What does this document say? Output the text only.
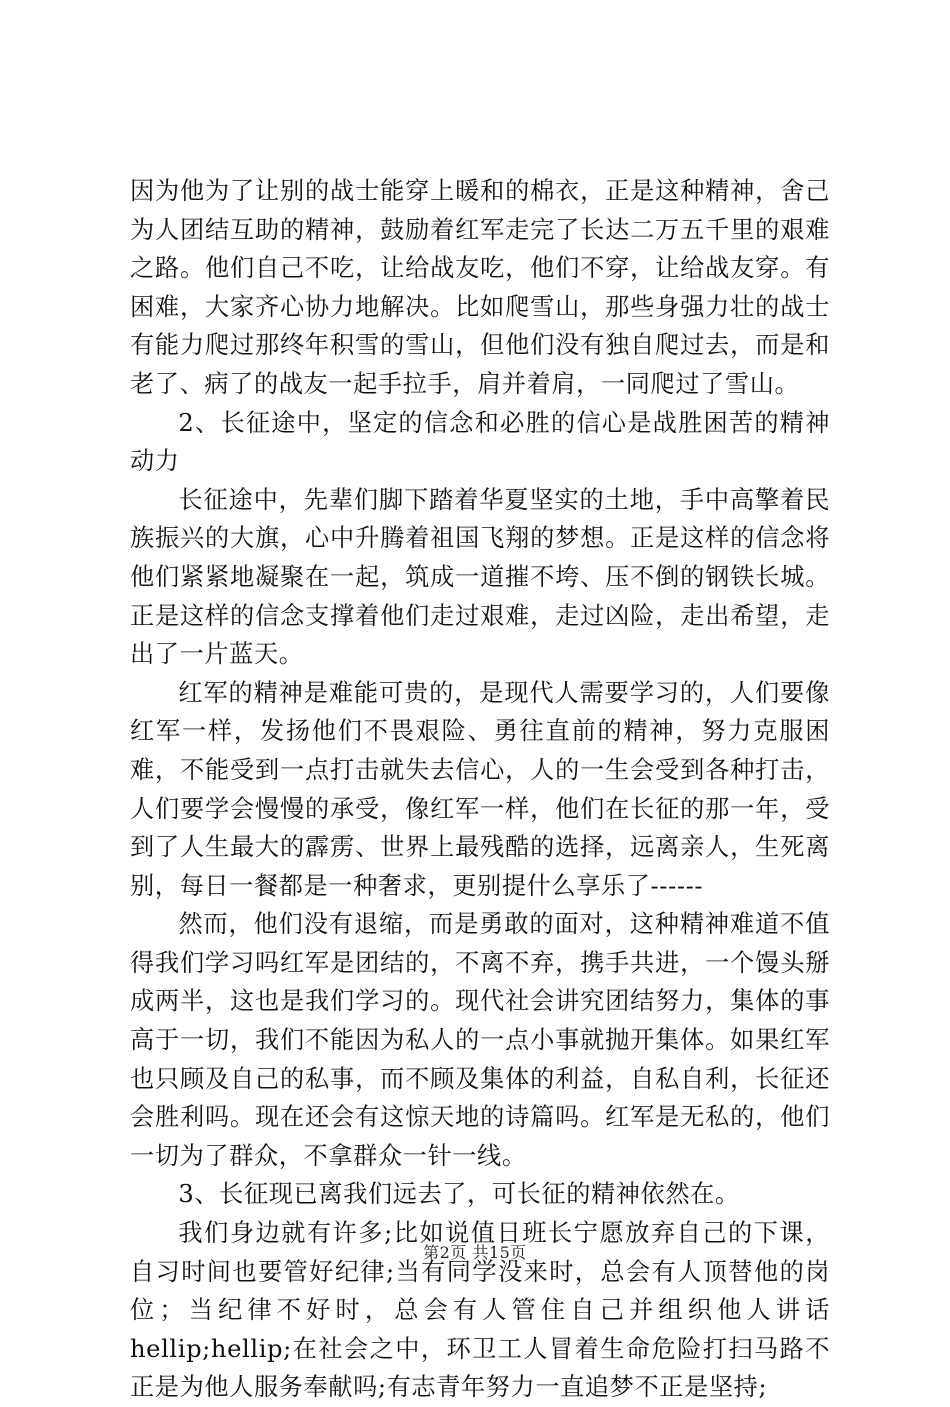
因为他为了让别的战士能穿上暖和的棉衣，正是这种精神，舍己为人团结互助的精神，鼓励着红军走完了长达二万五千里的艰难之路。他们自己不吃，让给战友吃，他们不穿，让给战友穿。有困难，大家齐心协力地解决。比如爬雪山，那些身强力壮的战士有能力爬过那终年积雪的雪山，但他们没有独自爬过去，而是和老了、病了的战友一起手拉手，肩并着肩，一同爬过了雪山。

2、长征途中，坚定的信念和必胜的信心是战胜困苦的精神动力

长征途中，先辈们脚下踏着华夏坚实的土地，手中高擎着民族振兴的大旗，心中升腾着祖国飞翔的梦想。正是这样的信念将他们紧紧地凝聚在一起，筑成一道摧不垮、压不倒的钢铁长城。正是这样的信念支撑着他们走过艰难，走过凶险，走出希望，走出了一片蓝天。

红军的精神是难能可贵的，是现代人需要学习的，人们要像红军一样，发扬他们不畏艰险、勇往直前的精神，努力克服困难，不能受到一点打击就失去信心，人的一生会受到各种打击，人们要学会慢慢的承受，像红军一样，他们在长征的那一年，受到了人生最大的霹雳、世界上最残酷的选择，远离亲人，生死离别，每日一餐都是一种奢求，更别提什么享乐了------

然而，他们没有退缩，而是勇敢的面对，这种精神难道不值得我们学习吗红军是团结的，不离不弃，携手共进，一个馒头掰成两半，这也是我们学习的。现代社会讲究团结努力，集体的事高于一切，我们不能因为私人的一点小事就抛开集体。如果红军也只顾及自己的私事，而不顾及集体的利益，自私自利，长征还会胜利吗。现在还会有这惊天地的诗篇吗。红军是无私的，他们一切为了群众，不拿群众一针一线。

3、长征现已离我们远去了，可长征的精神依然在。

我们身边就有许多;比如说值日班长宁愿放弃自己的下课，自习时间也要管好纪律;当有同学没来时，总会有人顶替他的岗位；当纪律不好时，总会有人管住自己并组织他人讲话hellip;hellip;在社会之中，环卫工人冒着生命危险打扫马路不正是为他人服务奉献吗;有志青年努力一直追梦不正是坚持;

第2页 共15页
